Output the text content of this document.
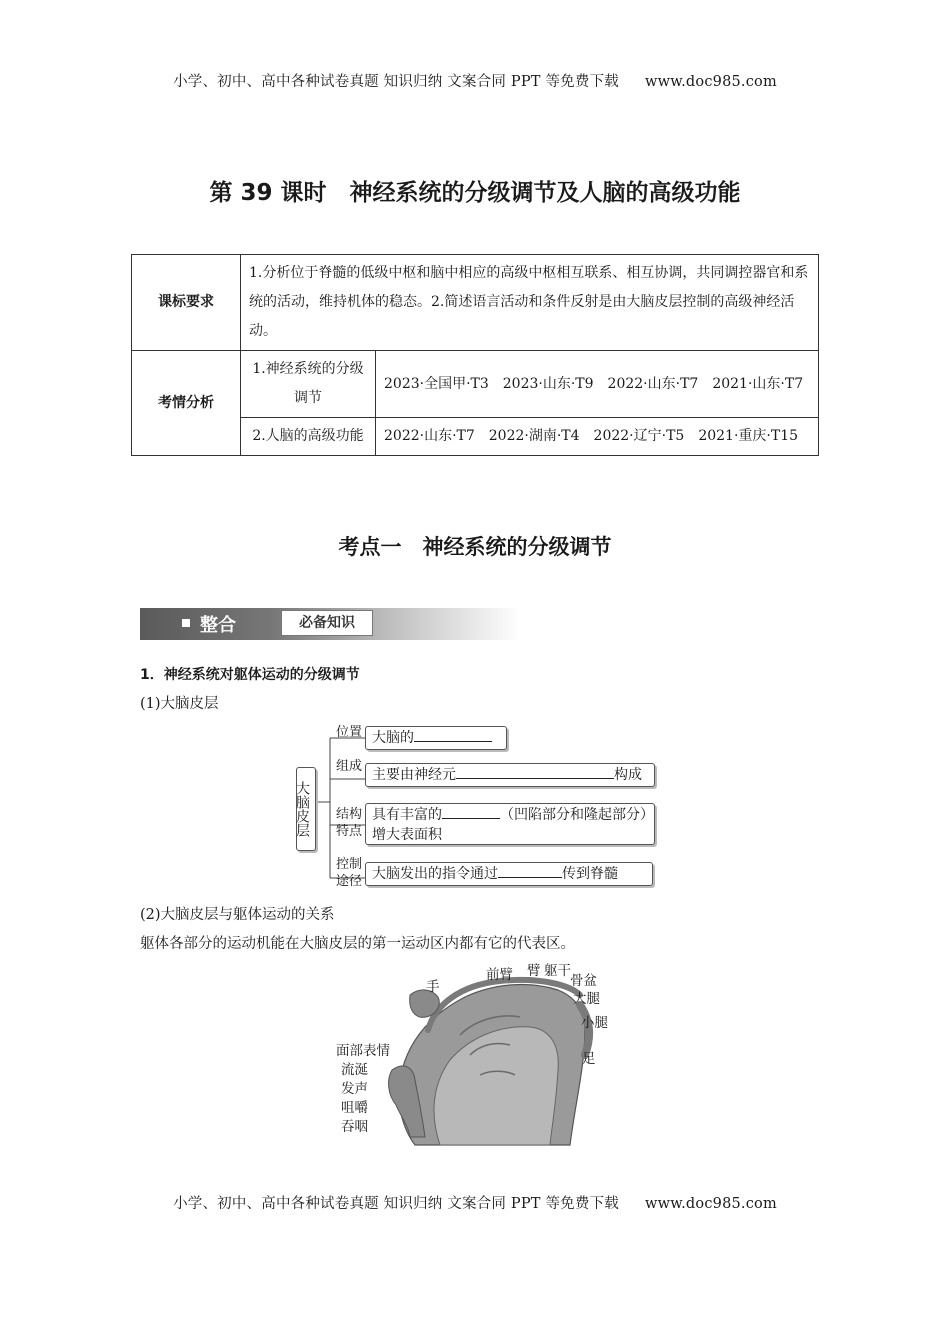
小学、初中、高中各种试卷真题 知识归纳 文案合同 PPT 等免费下载 www.doc985.com
第 39 课时　神经系统的分级调节及人脑的高级功能
课标要求	1.分析位于脊髓的低级中枢和脑中相应的高级中枢相互联系、相互协调，共同调控器官和系统的活动，维持机体的稳态。2.简述语言活动和条件反射是由大脑皮层控制的高级神经活动。	
考情分析	1.神经系统的分级调节	2023·全国甲·T3　2023·山东·T9　2022·山东·T7　2021·山东·T7
	2.人脑的高级功能	2022·山东·T7　2022·湖南·T4　2022·辽宁·T5　2021·重庆·T15
考点一　神经系统的分级调节
整合	必备知识
1．神经系统对躯体运动的分级调节
(1)大脑皮层
大脑皮层
位置 大脑的
组成
主要由神经元	构成
结构特点
具有丰富的	（凹陷部分和隆起部分）增大表面积
控制途径 大脑发出的指令通过	传到脊髓
(2)大脑皮层与躯体运动的关系
躯体各部分的运动机能在大脑皮层的第一运动区内都有它的代表区。
手
前臂 臂 躯干
骨盆
大腿
小腿
足
面部表情
流涎
发声
咀嚼
吞咽
小学、初中、高中各种试卷真题 知识归纳 文案合同 PPT 等免费下载 www.doc985.com
